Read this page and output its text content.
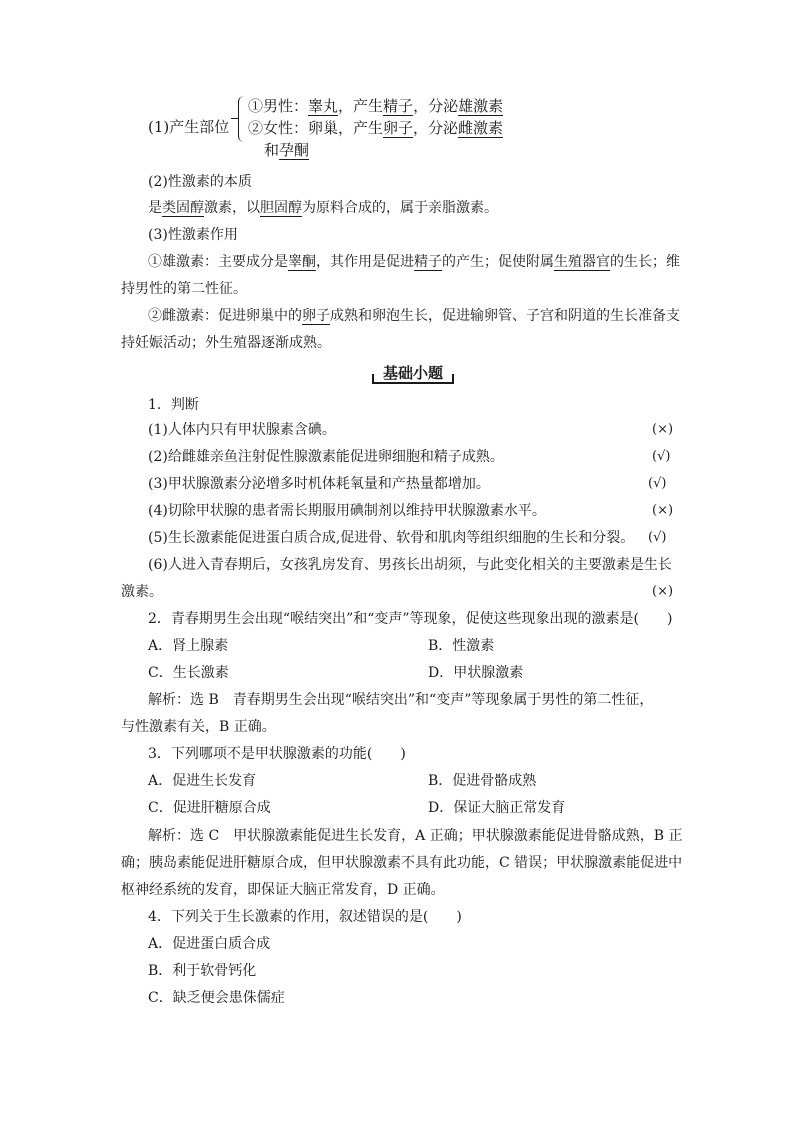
(1)产生部位
①男性：睾丸，产生精子，分泌雄激素
②女性：卵巢，产生卵子，分泌雌激素
和孕酮
(2)性激素的本质
是类固醇激素，以胆固醇为原料合成的，属于亲脂激素。
(3)性激素作用
①雄激素：主要成分是睾酮，其作用是促进精子的产生；促使附属生殖器官的生长；维
持男性的第二性征。
②雌激素：促进卵巢中的卵子成熟和卵泡生长，促进输卵管、子宫和阴道的生长准备支
持妊娠活动；外生殖器逐渐成熟。
基础小题
1．判断
(1)人体内只有甲状腺素含碘。	(×)
(2)给雌雄亲鱼注射促性腺激素能促进卵细胞和精子成熟。	(√)
(3)甲状腺激素分泌增多时机体耗氧量和产热量都增加。	(√)
(4)切除甲状腺的患者需长期服用碘制剂以维持甲状腺激素水平。	(×)
(5)生长激素能促进蛋白质合成,促进骨、软骨和肌肉等组织细胞的生长和分裂。 (√)
(6)人进入青春期后，女孩乳房发育、男孩长出胡须，与此变化相关的主要激素是生长
激素。	(×)
2．青春期男生会出现“喉结突出”和“变声”等现象，促使这些现象出现的激素是(　　)
A．肾上腺素	B．性激素
C．生长激素	D．甲状腺激素
解析：选 B　青春期男生会出现“喉结突出”和“变声”等现象属于男性的第二性征，
与性激素有关，B 正确。
3．下列哪项不是甲状腺激素的功能(　　)
A．促进生长发育	B．促进骨骼成熟
C．促进肝糖原合成	D．保证大脑正常发育
解析：选 C　甲状腺激素能促进生长发育，A 正确；甲状腺激素能促进骨骼成熟，B 正
确；胰岛素能促进肝糖原合成，但甲状腺激素不具有此功能，C 错误；甲状腺激素能促进中
枢神经系统的发育，即保证大脑正常发育，D 正确。
4．下列关于生长激素的作用，叙述错误的是(　　)
A．促进蛋白质合成
B．利于软骨钙化
C．缺乏便会患侏儒症
